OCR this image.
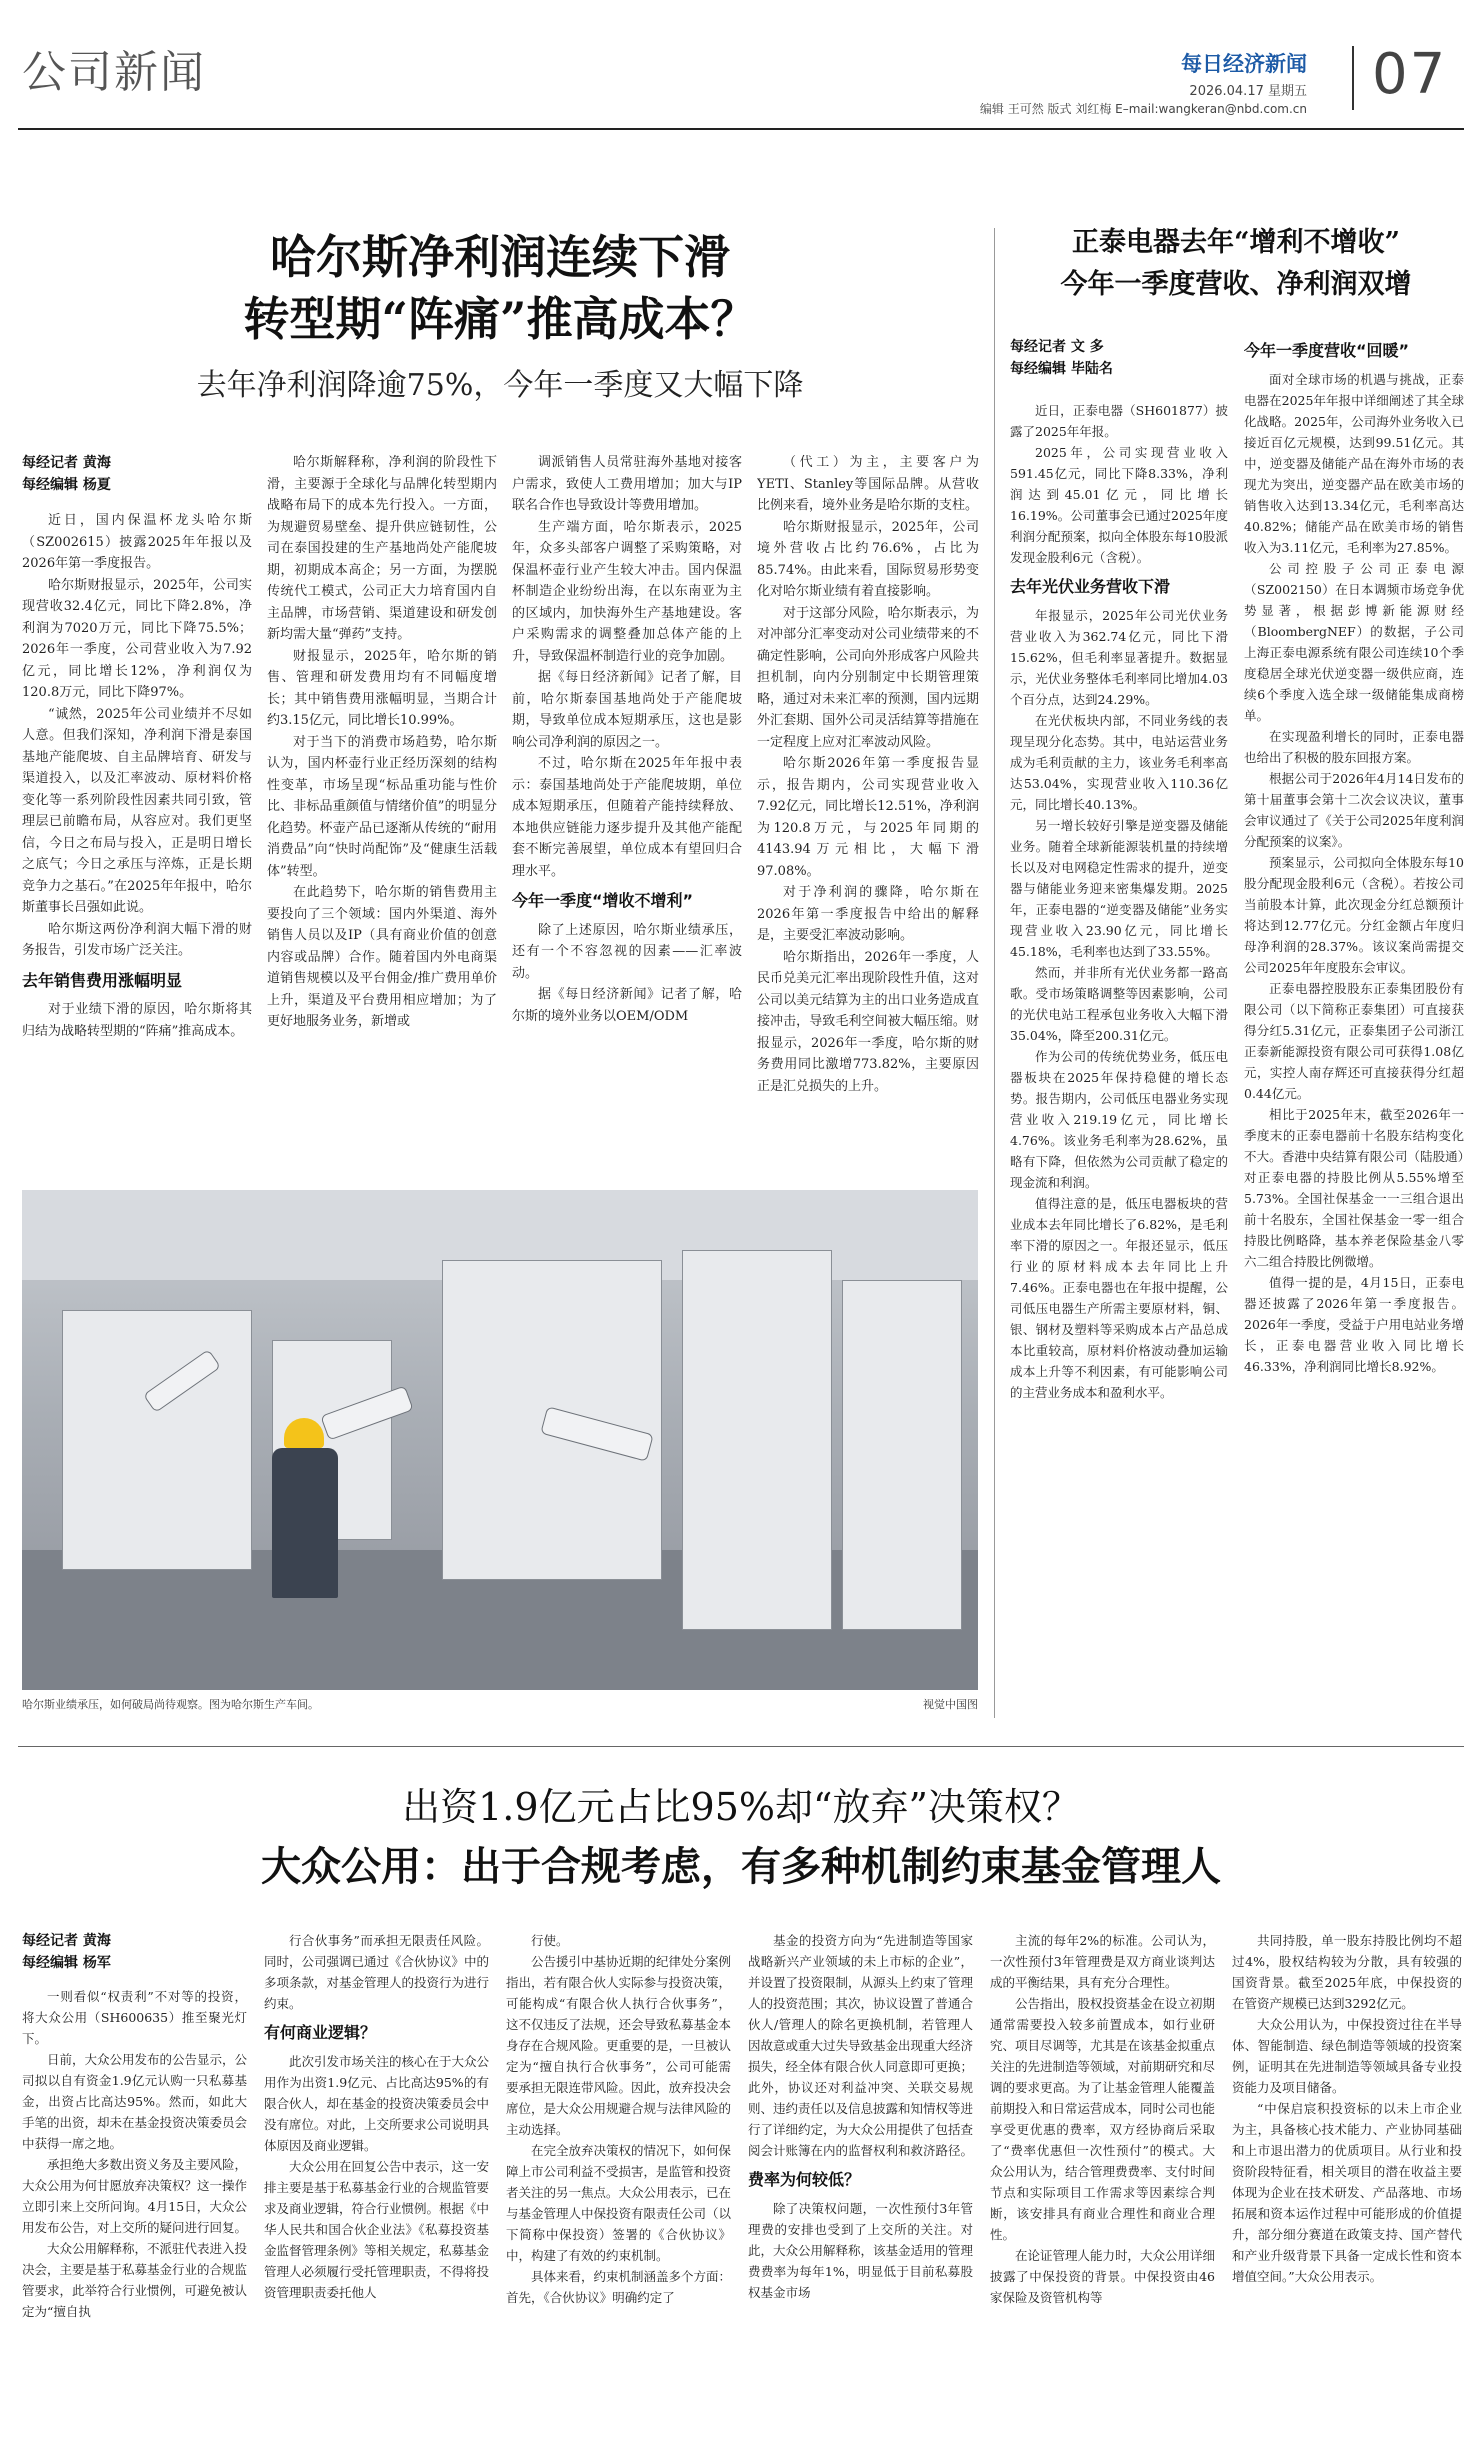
公司新闻	每日经济新闻
2026.04.17 星期五
编辑 王可然 版式 刘红梅 E–mail:wangkeran@nbd.com.cn
07
哈尔斯净利润连续下滑
转型期“阵痛”推高成本？
去年净利润降逾75%，今年一季度又大幅下降
每经记者 黄海
每经编辑 杨夏

近日，国内保温杯龙头哈尔斯（SZ002615）披露2025年年报以及2026年第一季度报告。

哈尔斯财报显示，2025年，公司实现营收32.4亿元，同比下降2.8%，净利润为7020万元，同比下降75.5%；2026年一季度，公司营业收入为7.92亿元，同比增长12%，净利润仅为120.8万元，同比下降97%。

“诚然，2025年公司业绩并不尽如人意。但我们深知，净利润下滑是泰国基地产能爬坡、自主品牌培育、研发与渠道投入，以及汇率波动、原材料价格变化等一系列阶段性因素共同引致，管理层已前瞻布局，从容应对。我们更坚信，今日之布局与投入，正是明日增长之底气；今日之承压与淬炼，正是长期竞争力之基石。”在2025年年报中，哈尔斯董事长吕强如此说。

哈尔斯这两份净利润大幅下滑的财务报告，引发市场广泛关注。

去年销售费用涨幅明显

对于业绩下滑的原因，哈尔斯将其归结为战略转型期的“阵痛”推高成本。

哈尔斯解释称，净利润的阶段性下滑，主要源于全球化与品牌化转型期内战略布局下的成本先行投入。一方面，为规避贸易壁垒、提升供应链韧性，公司在泰国投建的生产基地尚处产能爬坡期，初期成本高企；另一方面，为摆脱传统代工模式，公司正大力培育国内自主品牌，市场营销、渠道建设和研发创新均需大量“弹药”支持。

财报显示，2025年，哈尔斯的销售、管理和研发费用均有不同幅度增长；其中销售费用涨幅明显，当期合计约3.15亿元，同比增长10.99%。

对于当下的消费市场趋势，哈尔斯认为，国内杯壶行业正经历深刻的结构性变革，市场呈现“标品重功能与性价比、非标品重颜值与情绪价值”的明显分化趋势。杯壶产品已逐渐从传统的“耐用消费品”向“快时尚配饰”及“健康生活载体”转型。

在此趋势下，哈尔斯的销售费用主要投向了三个领域：国内外渠道、海外销售人员以及IP（具有商业价值的创意内容或品牌）合作。随着国内外电商渠道销售规模以及平台佣金/推广费用单价上升，渠道及平台费用相应增加；为了更好地服务业务，新增或

调派销售人员常驻海外基地对接客户需求，致使人工费用增加；加大与IP联名合作也导致设计等费用增加。

生产端方面，哈尔斯表示，2025年，众多头部客户调整了采购策略，对保温杯壶行业产生较大冲击。国内保温杯制造企业纷纷出海，在以东南亚为主的区域内，加快海外生产基地建设。客户采购需求的调整叠加总体产能的上升，导致保温杯制造行业的竞争加剧。

据《每日经济新闻》记者了解，目前，哈尔斯泰国基地尚处于产能爬坡期，导致单位成本短期承压，这也是影响公司净利润的原因之一。

不过，哈尔斯在2025年年报中表示：泰国基地尚处于产能爬坡期，单位成本短期承压，但随着产能持续释放、本地供应链能力逐步提升及其他产能配套不断完善展望，单位成本有望回归合理水平。

今年一季度“增收不增利”

除了上述原因，哈尔斯业绩承压，还有一个不容忽视的因素——汇率波动。

据《每日经济新闻》记者了解，哈尔斯的境外业务以OEM/ODM

（代工）为主，主要客户为YETI、Stanley等国际品牌。从营收比例来看，境外业务是哈尔斯的支柱。

哈尔斯财报显示，2025年，公司境外营收占比约76.6%，占比为85.74%。由此来看，国际贸易形势变化对哈尔斯业绩有着直接影响。

对于这部分风险，哈尔斯表示，为对冲部分汇率变动对公司业绩带来的不确定性影响，公司向外形成客户风险共担机制，向内分别制定中长期管理策略，通过对未来汇率的预测，国内远期外汇套期、国外公司灵活结算等措施在一定程度上应对汇率波动风险。

哈尔斯2026年第一季度报告显示，报告期内，公司实现营业收入7.92亿元，同比增长12.51%，净利润为120.8万元，与2025年同期的4143.94万元相比，大幅下滑97.08%。

对于净利润的骤降，哈尔斯在2026年第一季度报告中给出的解释是，主要受汇率波动影响。

哈尔斯指出，2026年一季度，人民币兑美元汇率出现阶段性升值，这对公司以美元结算为主的出口业务造成直接冲击，导致毛利空间被大幅压缩。财报显示，2026年一季度，哈尔斯的财务费用同比激增773.82%，主要原因正是汇兑损失的上升。

哈尔斯业绩承压，如何破局尚待观察。图为哈尔斯生产车间。	视觉中国图
正泰电器去年“增利不增收”
今年一季度营收、净利润双增
每经记者 文 多
每经编辑 毕陆名

近日，正泰电器（SH601877）披露了2025年年报。

2025年，公司实现营业收入591.45亿元，同比下降8.33%，净利润达到45.01亿元，同比增长16.19%。公司董事会已通过2025年度利润分配预案，拟向全体股东每10股派发现金股利6元（含税）。

去年光伏业务营收下滑

年报显示，2025年公司光伏业务营业收入为362.74亿元，同比下滑15.62%，但毛利率显著提升。数据显示，光伏业务整体毛利率同比增加4.03个百分点，达到24.29%。

在光伏板块内部，不同业务线的表现呈现分化态势。其中，电站运营业务成为毛利贡献的主力，该业务毛利率高达53.04%，实现营业收入110.36亿元，同比增长40.13%。

另一增长较好引擎是逆变器及储能业务。随着全球新能源装机量的持续增长以及对电网稳定性需求的提升，逆变器与储能业务迎来密集爆发期。2025年，正泰电器的“逆变器及储能”业务实现营业收入23.90亿元，同比增长45.18%，毛利率也达到了33.55%。

然而，并非所有光伏业务都一路高歌。受市场策略调整等因素影响，公司的光伏电站工程承包业务收入大幅下滑35.04%，降至200.31亿元。

作为公司的传统优势业务，低压电器板块在2025年保持稳健的增长态势。报告期内，公司低压电器业务实现营业收入219.19亿元，同比增长4.76%。该业务毛利率为28.62%，虽略有下降，但依然为公司贡献了稳定的现金流和利润。

值得注意的是，低压电器板块的营业成本去年同比增长了6.82%，是毛利率下滑的原因之一。年报还显示，低压行业的原材料成本去年同比上升7.46%。正泰电器也在年报中提醒，公司低压电器生产所需主要原材料，铜、银、钢材及塑料等采购成本占产品总成本比重较高，原材料价格波动叠加运输成本上升等不利因素，有可能影响公司的主营业务成本和盈利水平。

今年一季度营收“回暖”

面对全球市场的机遇与挑战，正泰电器在2025年年报中详细阐述了其全球化战略。2025年，公司海外业务收入已接近百亿元规模，达到99.51亿元。其中，逆变器及储能产品在海外市场的表现尤为突出，逆变器产品在欧美市场的销售收入达到13.34亿元，毛利率高达40.82%；储能产品在欧美市场的销售收入为3.11亿元，毛利率为27.85%。

公司控股子公司正泰电源（SZ002150）在日本调频市场竞争优势显著，根据彭博新能源财经（BloombergNEF）的数据，子公司上海正泰电源系统有限公司连续10个季度稳居全球光伏逆变器一级供应商，连续6个季度入选全球一级储能集成商榜单。

在实现盈利增长的同时，正泰电器也给出了积极的股东回报方案。

根据公司于2026年4月14日发布的第十届董事会第十二次会议决议，董事会审议通过了《关于公司2025年度利润分配预案的议案》。

预案显示，公司拟向全体股东每10股分配现金股利6元（含税）。若按公司当前股本计算，此次现金分红总额预计将达到12.77亿元。分红金额占年度归母净利润的28.37%。该议案尚需提交公司2025年年度股东会审议。

正泰电器控股股东正泰集团股份有限公司（以下简称正泰集团）可直接获得分红5.31亿元，正泰集团子公司浙江正泰新能源投资有限公司可获得1.08亿元，实控人南存辉还可直接获得分红超0.44亿元。

相比于2025年末，截至2026年一季度末的正泰电器前十名股东结构变化不大。香港中央结算有限公司（陆股通）对正泰电器的持股比例从5.55%增至5.73%。全国社保基金一一三组合退出前十名股东，全国社保基金一零一组合持股比例略降，基本养老保险基金八零六二组合持股比例微增。

值得一提的是，4月15日，正泰电器还披露了2026年第一季度报告。2026年一季度，受益于户用电站业务增长，正泰电器营业收入同比增长46.33%，净利润同比增长8.92%。

出资1.9亿元占比95%却“放弃”决策权？
大众公用：出于合规考虑，有多种机制约束基金管理人
每经记者 黄海
每经编辑 杨军

一则看似“权责利”不对等的投资，将大众公用（SH600635）推至聚光灯下。

日前，大众公用发布的公告显示，公司拟以自有资金1.9亿元认购一只私募基金，出资占比高达95%。然而，如此大手笔的出资，却未在基金投资决策委员会中获得一席之地。

承担绝大多数出资义务及主要风险，大众公用为何甘愿放弃决策权？这一操作立即引来上交所问询。4月15日，大众公用发布公告，对上交所的疑问进行回复。

大众公用解释称，不派驻代表进入投决会，主要是基于私募基金行业的合规监管要求，此举符合行业惯例，可避免被认定为“擅自执

行合伙事务”而承担无限责任风险。同时，公司强调已通过《合伙协议》中的多项条款，对基金管理人的投资行为进行约束。

有何商业逻辑？

此次引发市场关注的核心在于大众公用作为出资1.9亿元、占比高达95%的有限合伙人，却在基金的投资决策委员会中没有席位。对此，上交所要求公司说明具体原因及商业逻辑。

大众公用在回复公告中表示，这一安排主要是基于私募基金行业的合规监管要求及商业逻辑，符合行业惯例。根据《中华人民共和国合伙企业法》《私募投资基金监督管理条例》等相关规定，私募基金管理人必须履行受托管理职责，不得将投资管理职责委托他人

行使。

公告援引中基协近期的纪律处分案例指出，若有限合伙人实际参与投资决策，可能构成“有限合伙人执行合伙事务”，这不仅违反了法规，还会导致私募基金本身存在合规风险。更重要的是，一旦被认定为“擅自执行合伙事务”，公司可能需要承担无限连带风险。因此，放弃投决会席位，是大众公用规避合规与法律风险的主动选择。

在完全放弃决策权的情况下，如何保障上市公司利益不受损害，是监管和投资者关注的另一焦点。大众公用表示，已在与基金管理人中保投资有限责任公司（以下简称中保投资）签署的《合伙协议》中，构建了有效的约束机制。

具体来看，约束机制涵盖多个方面：首先，《合伙协议》明确约定了

基金的投资方向为“先进制造等国家战略新兴产业领域的未上市标的企业”，并设置了投资限制，从源头上约束了管理人的投资范围；其次，协议设置了普通合伙人/管理人的除名更换机制，若管理人因故意或重大过失导致基金出现重大经济损失，经全体有限合伙人同意即可更换；此外，协议还对利益冲突、关联交易规则、违约责任以及信息披露和知情权等进行了详细约定，为大众公用提供了包括查阅会计账簿在内的监督权利和救济路径。

费率为何较低？

除了决策权问题，一次性预付3年管理费的安排也受到了上交所的关注。对此，大众公用解释称，该基金适用的管理费费率为每年1%，明显低于目前私募股权基金市场

主流的每年2%的标准。公司认为，一次性预付3年管理费是双方商业谈判达成的平衡结果，具有充分合理性。

公告指出，股权投资基金在设立初期通常需要投入较多前置成本，如行业研究、项目尽调等，尤其是在该基金拟重点关注的先进制造等领域，对前期研究和尽调的要求更高。为了让基金管理人能覆盖前期投入和日常运营成本，同时公司也能享受更优惠的费率，双方经协商后采取了“费率优惠但一次性预付”的模式。大众公用认为，结合管理费费率、支付时间节点和实际项目工作需求等因素综合判断，该安排具有商业合理性和商业合理性。

在论证管理人能力时，大众公用详细披露了中保投资的背景。中保投资由46家保险及资管机构等

共同持股，单一股东持股比例均不超过4%，股权结构较为分散，具有较强的国资背景。截至2025年底，中保投资的在管资产规模已达到3292亿元。

大众公用认为，中保投资过往在半导体、智能制造、绿色制造等领域的投资案例，证明其在先进制造等领域具备专业投资能力及项目储备。

“中保启宸积投资标的以未上市企业为主，具备核心技术能力、产业协同基础和上市退出潜力的优质项目。从行业和投资阶段特征看，相关项目的潜在收益主要体现为企业在技术研发、产品落地、市场拓展和资本运作过程中可能形成的价值提升，部分细分赛道在政策支持、国产替代和产业升级背景下具备一定成长性和资本增值空间。”大众公用表示。
